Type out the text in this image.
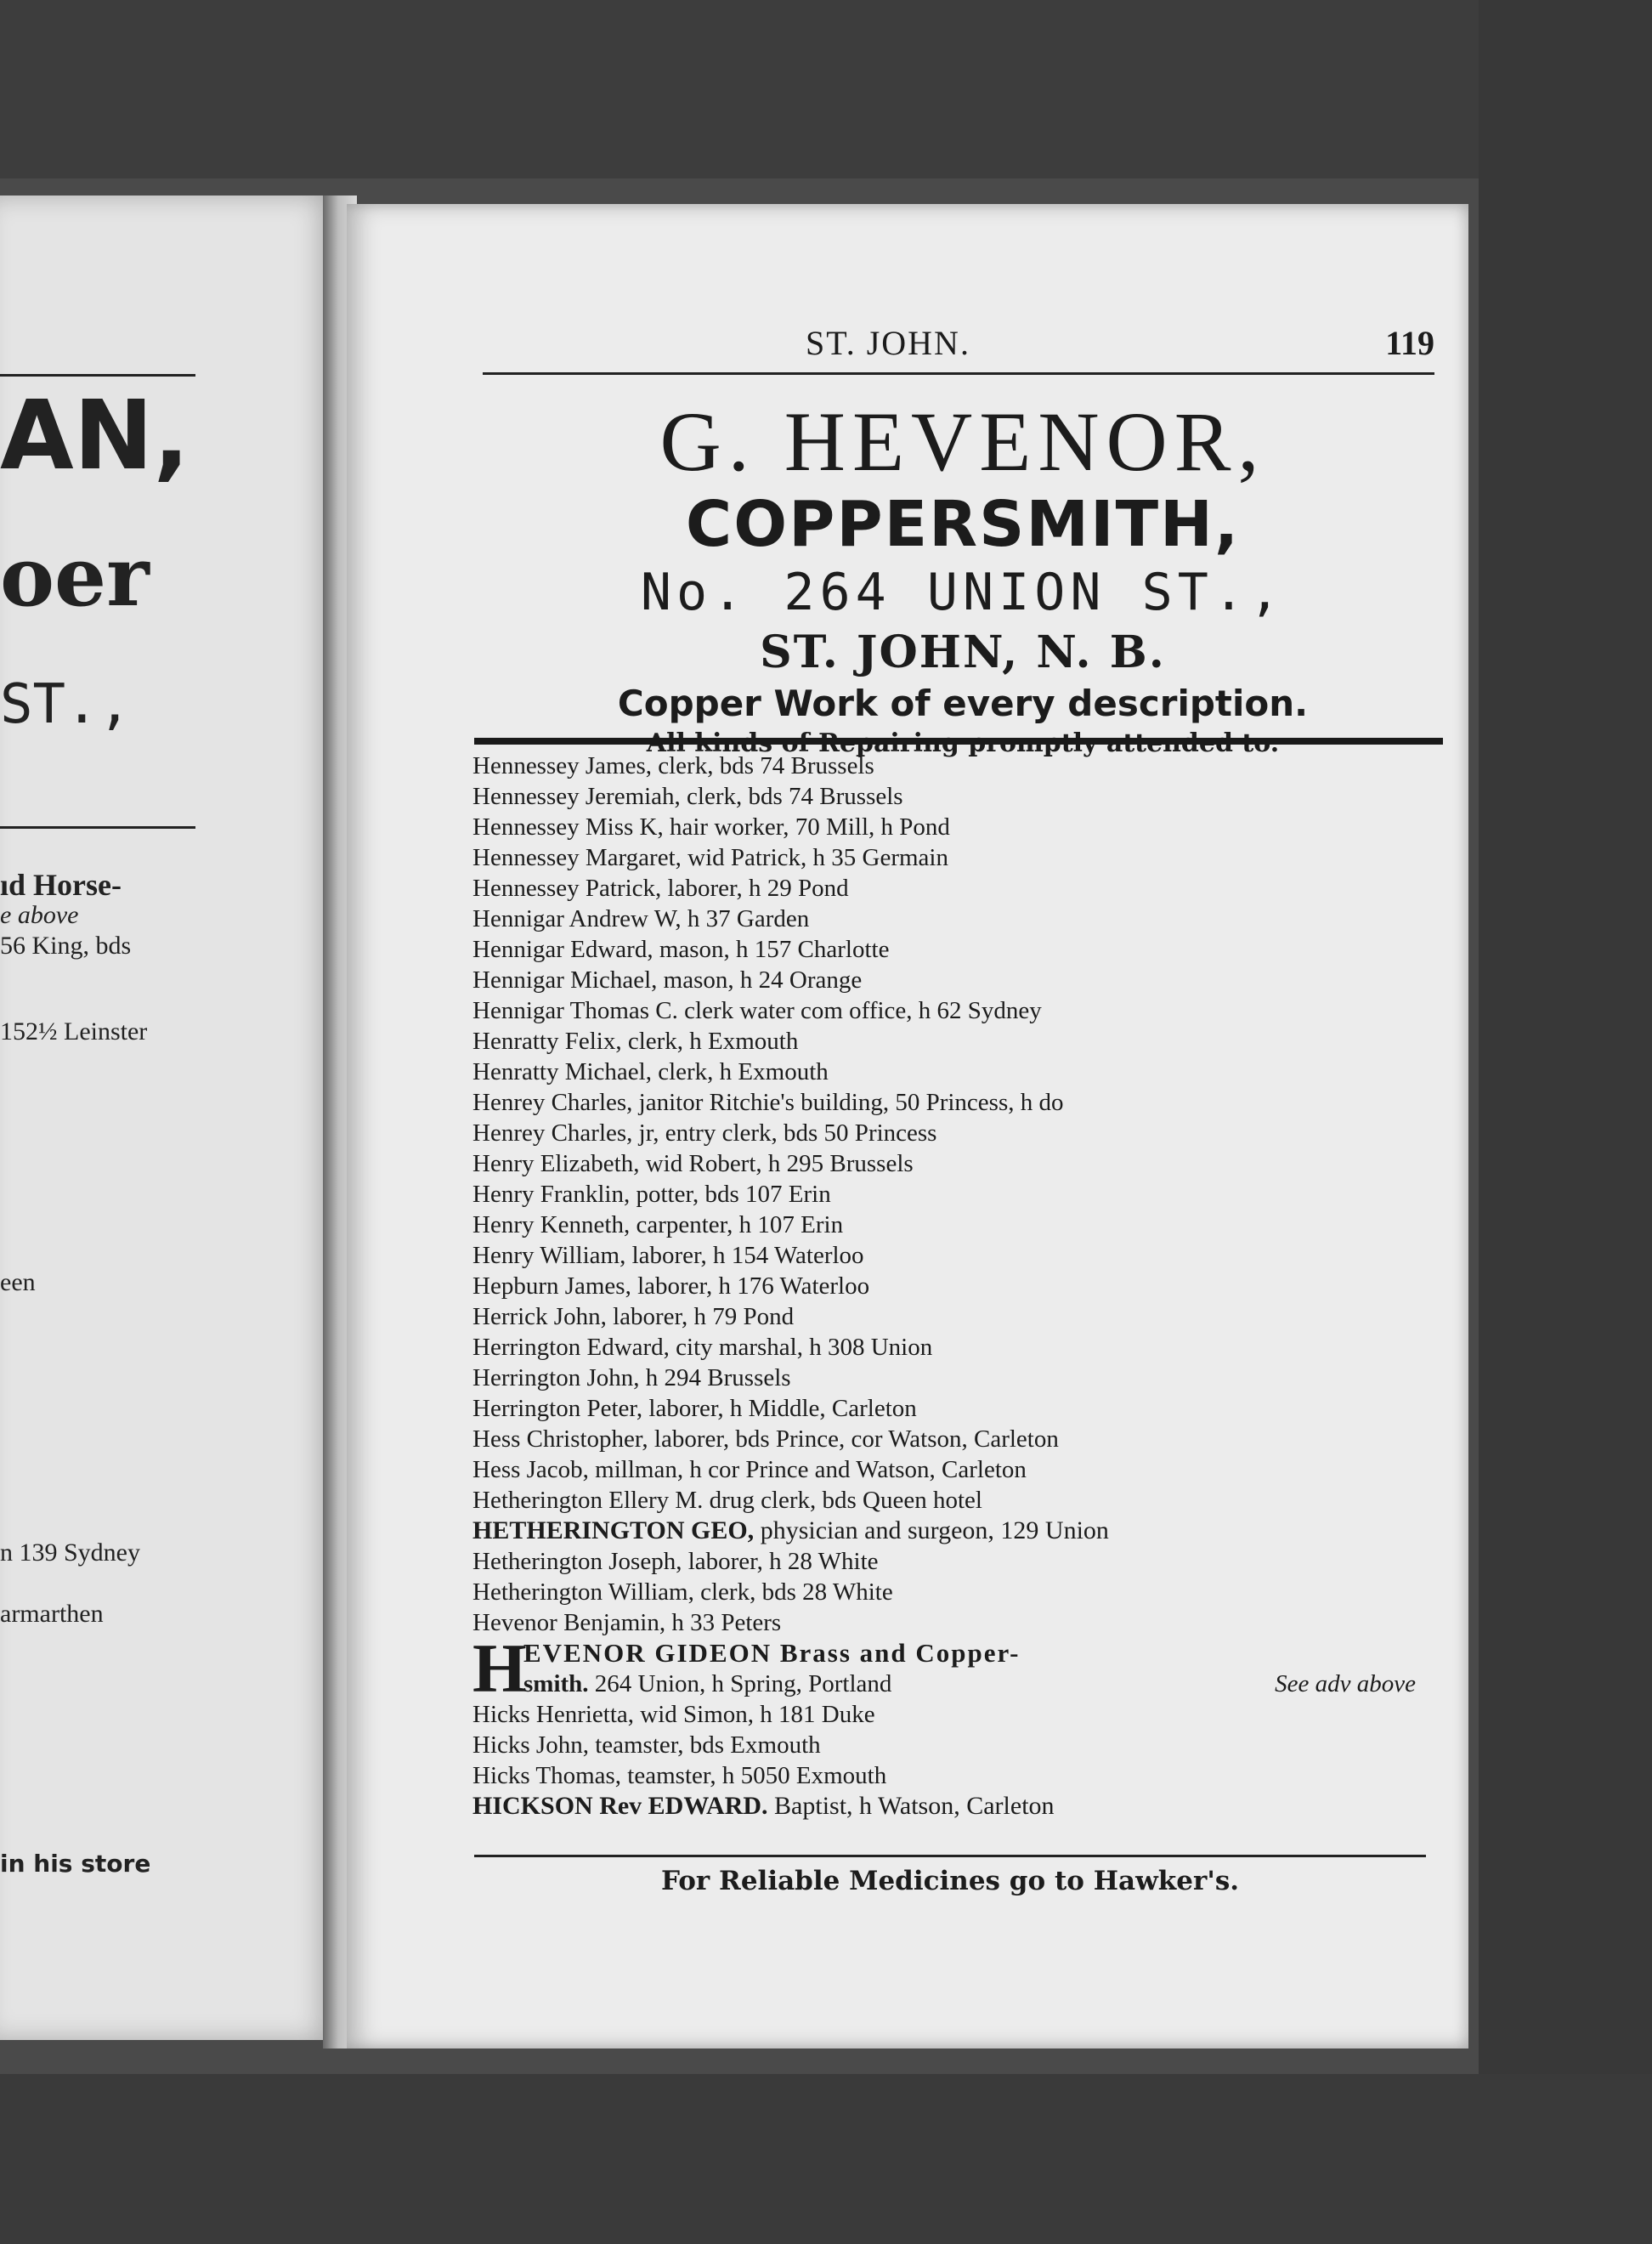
AN,
oer
ST.,
ıd Horse-
e above
56 King, bds
152½ Leinster
een
n 139 Sydney
armarthen
in his store
ST. JOHN.	119
G. HEVENOR,
COPPERSMITH,
No. 264 UNION ST.,
ST. JOHN, N. B.
Copper Work of every description.
All kinds of Repairing promptly attended to.
Hennessey James, clerk, bds 74 Brussels
Hennessey Jeremiah, clerk, bds 74 Brussels
Hennessey Miss K, hair worker, 70 Mill, h Pond
Hennessey Margaret, wid Patrick, h 35 Germain
Hennessey Patrick, laborer, h 29 Pond
Hennigar Andrew W, h 37 Garden
Hennigar Edward, mason, h 157 Charlotte
Hennigar Michael, mason, h 24 Orange
Hennigar Thomas C. clerk water com office, h 62 Sydney
Henratty Felix, clerk, h Exmouth
Henratty Michael, clerk, h Exmouth
Henrey Charles, janitor Ritchie's building, 50 Princess, h do
Henrey Charles, jr, entry clerk, bds 50 Princess
Henry Elizabeth, wid Robert, h 295 Brussels
Henry Franklin, potter, bds 107 Erin
Henry Kenneth, carpenter, h 107 Erin
Henry William, laborer, h 154 Waterloo
Hepburn James, laborer, h 176 Waterloo
Herrick John, laborer, h 79 Pond
Herrington Edward, city marshal, h 308 Union
Herrington John, h 294 Brussels
Herrington Peter, laborer, h Middle, Carleton
Hess Christopher, laborer, bds Prince, cor Watson, Carleton
Hess Jacob, millman, h cor Prince and Watson, Carleton
Hetherington Ellery M. drug clerk, bds Queen hotel
HETHERINGTON GEO, physician and surgeon, 129 Union
Hetherington Joseph, laborer, h 28 White
Hetherington William, clerk, bds 28 White
Hevenor Benjamin, h 33 Peters
H
EVENOR GIDEON Brass and Copper-
smith. 264 Union, h Spring, Portland	See adv above
Hicks Henrietta, wid Simon, h 181 Duke
Hicks John, teamster, bds Exmouth
Hicks Thomas, teamster, h 5050 Exmouth
HICKSON Rev EDWARD. Baptist, h Watson, Carleton
For Reliable Medicines go to Hawker's.
